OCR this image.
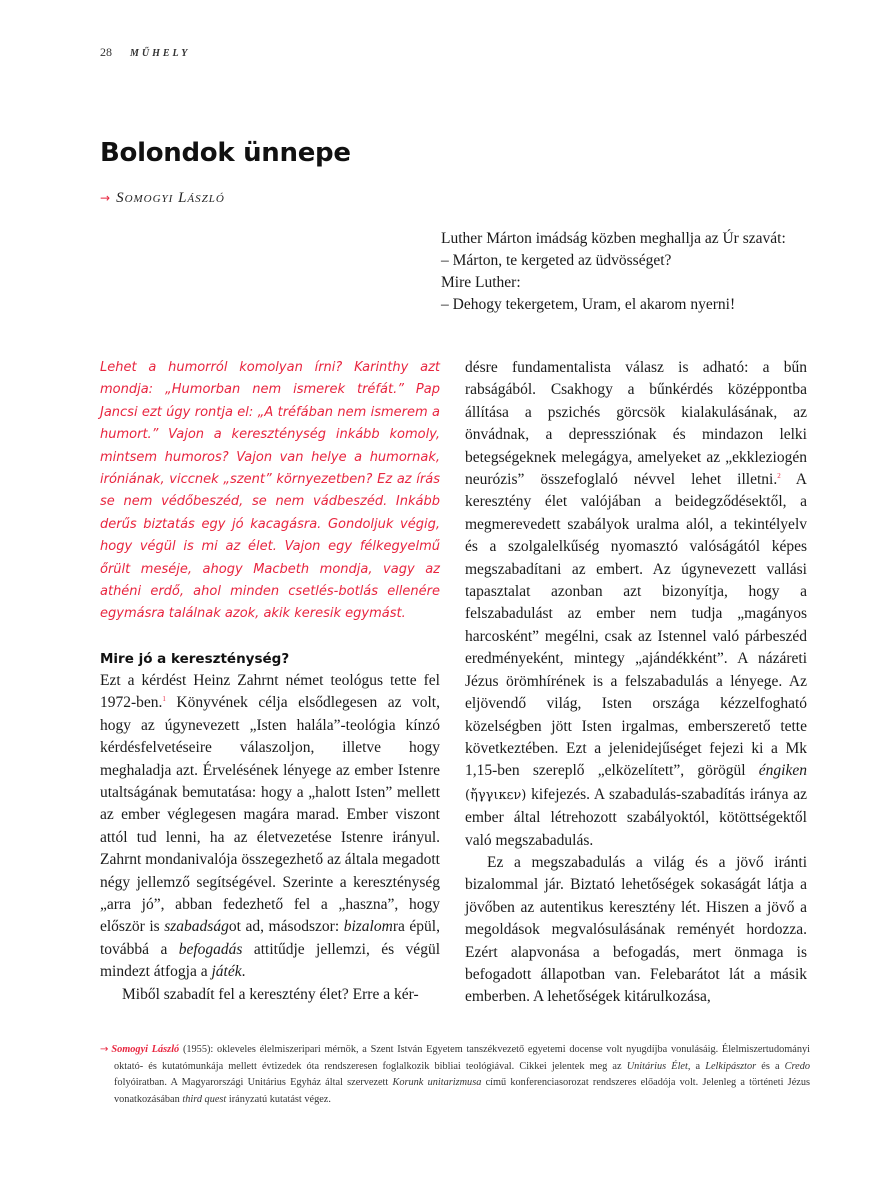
28 MŰHELY
Bolondok ünnepe
→ Somogyi László

Luther Márton imádság közben meghallja az Úr szavát:

– Márton, te kergeted az üdvösséget?

Mire Luther:

– Dehogy tekergetem, Uram, el akarom nyerni!

Lehet a humorról komolyan írni? Karinthy azt mondja: „Humorban nem ismerek tréfát.” Pap Jancsi ezt úgy rontja el: „A tréfában nem ismerem a humort.” Vajon a kereszténység inkább komoly, mintsem humoros? Vajon van helye a humornak, iróniának, viccnek „szent” környezetben? Ez az írás se nem védőbeszéd, se nem vádbeszéd. Inkább derűs biztatás egy jó kacagásra. Gondoljuk végig, hogy végül is mi az élet. Vajon egy félkegyelmű őrült meséje, ahogy Macbeth mondja, vagy az athéni erdő, ahol minden csetlés-botlás ellenére egymásra találnak azok, akik keresik egymást.

Mire jó a kereszténység?

Ezt a kérdést Heinz Zahrnt német teológus tette fel 1972-ben.$^1$ Könyvének célja elsődlegesen az volt, hogy az úgynevezett „Isten halála”-teológia kínzó kérdésfelvetéseire válaszoljon, illetve hogy meghaladja azt. Érvelésének lényege az ember Istenre utaltságának bemutatása: hogy a „halott Isten” mellett az ember véglegesen magára marad. Ember viszont attól tud lenni, ha az életvezetése Istenre irányul. Zahrnt mondanivalója összegezhető az általa megadott négy jellemző segítségével. Szerinte a kereszténység „arra jó”, abban fedezhető fel a „haszna”, hogy először is szabadságot ad, másodszor: bizalomra épül, továbbá a befogadás attitűdje jellemzi, és végül mindezt átfogja a játék.

Miből szabadít fel a keresztény élet? Erre a kér-

désre fundamentalista válasz is adható: a bűn rabságából. Csakhogy a bűnkérdés középpontba állítása a pszichés görcsök kialakulásának, az önvádnak, a depressziónak és mindazon lelki betegségeknek melegágya, amelyeket az „ekkleziogén neurózis” összefoglaló névvel lehet illetni.$^2$ A keresztény élet valójában a beidegződésektől, a megmerevedett szabályok uralma alól, a tekintélyelv és a szolgalelkűség nyomasztó valóságától képes megszabadítani az embert. Az úgynevezett vallási tapasztalat azonban azt bizonyítja, hogy a felszabadulást az ember nem tudja „magányos harcosként” megélni, csak az Istennel való párbeszéd eredményeként, mintegy „ajándékként”. A názáreti Jézus örömhírének is a felszabadulás a lényege. Az eljövendő világ, Isten országa kézzelfogható közelségben jött Isten irgalmas, emberszerető tette következtében. Ezt a jelenidejűséget fejezi ki a Mk 1,15-ben szereplő „elközelített”, görögül éngiken (ἤγγικεν) kifejezés. A szabadulás-szabadítás iránya az ember által létrehozott szabályoktól, kötöttségektől való megszabadulás.

Ez a megszabadulás a világ és a jövő iránti bizalommal jár. Biztató lehetőségek sokaságát látja a jövőben az autentikus keresztény lét. Hiszen a jövő a megoldások megvalósulásának reményét hordozza. Ezért alapvonása a befogadás, mert önmaga is befogadott állapotban van. Felebarátot lát a másik emberben. A lehetőségek kitárulkozása,

→ Somogyi László (1955): okleveles élelmiszeripari mérnök, a Szent István Egyetem tanszékvezető egyetemi docense volt nyugdíjba vonulásáig. Élelmiszertudományi oktató- és kutatómunkája mellett évtizedek óta rendszeresen foglalkozik bibliai teológiával. Cikkei jelentek meg az Unitárius Élet, a Lelkipásztor és a Credo folyóiratban. A Magyarországi Unitárius Egyház által szervezett Korunk unitarizmusa című konferenciasorozat rendszeres előadója volt. Jelenleg a történeti Jézus vonatkozásában third quest irányzatú kutatást végez.
